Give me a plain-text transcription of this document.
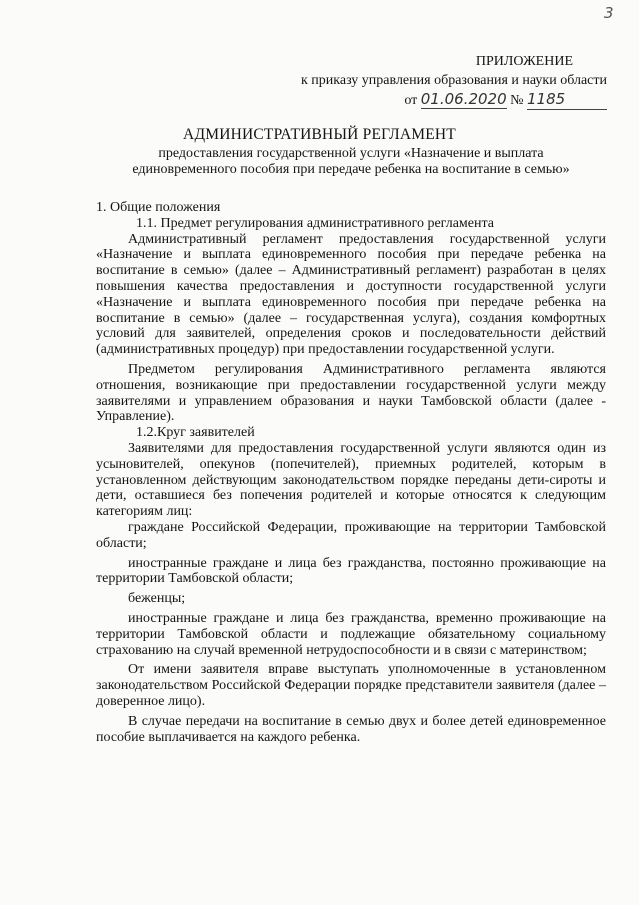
3
ПРИЛОЖЕНИЕ
к приказу управления образования и науки области
от 01.06.2020 № 1185
АДМИНИСТРАТИВНЫЙ РЕГЛАМЕНТ
предоставления государственной услуги «Назначение и выплата
единовременного пособия при передаче ребенка на воспитание в семью»

1. Общие положения

1.1. Предмет регулирования административного регламента

Административный регламент предоставления государственной услуги «Назначение и выплата единовременного пособия при передаче ребенка на воспитание в семью» (далее – Административный регламент) разработан в целях повышения качества предоставления и доступности государственной услуги «Назначение и выплата единовременного пособия при передаче ребенка на воспитание в семью» (далее – государственная услуга), создания комфортных условий для заявителей, определения сроков и последовательности действий (административных процедур) при предоставлении государственной услуги.

Предметом регулирования Административного регламента являются отношения, возникающие при предоставлении государственной услуги между заявителями и управлением образования и науки Тамбовской области (далее - Управление).

1.2.Круг заявителей

Заявителями для предоставления государственной услуги являются один из усыновителей, опекунов (попечителей), приемных родителей, которым в установленном действующим законодательством порядке переданы дети-сироты и дети, оставшиеся без попечения родителей и которые относятся к следующим категориям лиц:

граждане Российской Федерации, проживающие на территории Тамбовской области;

иностранные граждане и лица без гражданства, постоянно проживающие на территории Тамбовской области;

беженцы;

иностранные граждане и лица без гражданства, временно проживающие на территории Тамбовской области и подлежащие обязательному социальному страхованию на случай временной нетрудоспособности и в связи с материнством;

От имени заявителя вправе выступать уполномоченные в установленном законодательством Российской Федерации порядке представители заявителя (далее – доверенное лицо).

В случае передачи на воспитание в семью двух и более детей единовременное пособие выплачивается на каждого ребенка.
